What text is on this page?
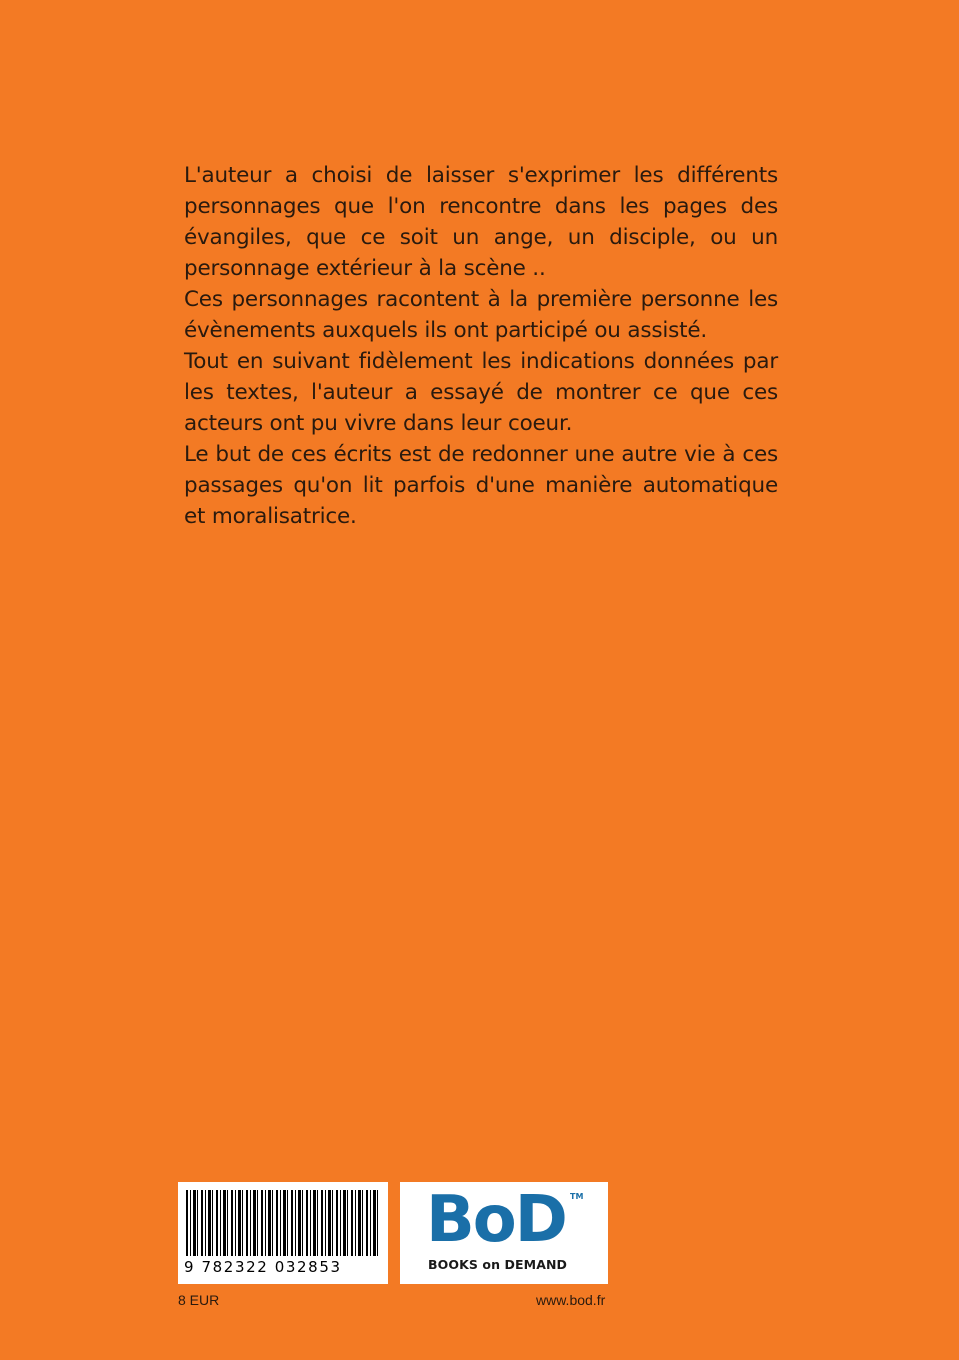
L'auteur a choisi de laisser s'exprimer les différents personnages que l'on rencontre dans les pages des évangiles, que ce soit un ange, un disciple, ou un personnage extérieur à la scène ..

Ces personnages racontent à la première personne les évènements auxquels ils ont participé ou assisté.

Tout en suivant fidèlement les indications données par les textes, l'auteur a essayé de montrer ce que ces acteurs ont pu vivre dans leur coeur.

Le but de ces écrits est de redonner une autre vie à ces passages qu'on lit parfois d'une manière automatique et moralisatrice.

9 782322 032853
BoD TM
BOOKS on DEMAND
8 EUR	www.bod.fr
